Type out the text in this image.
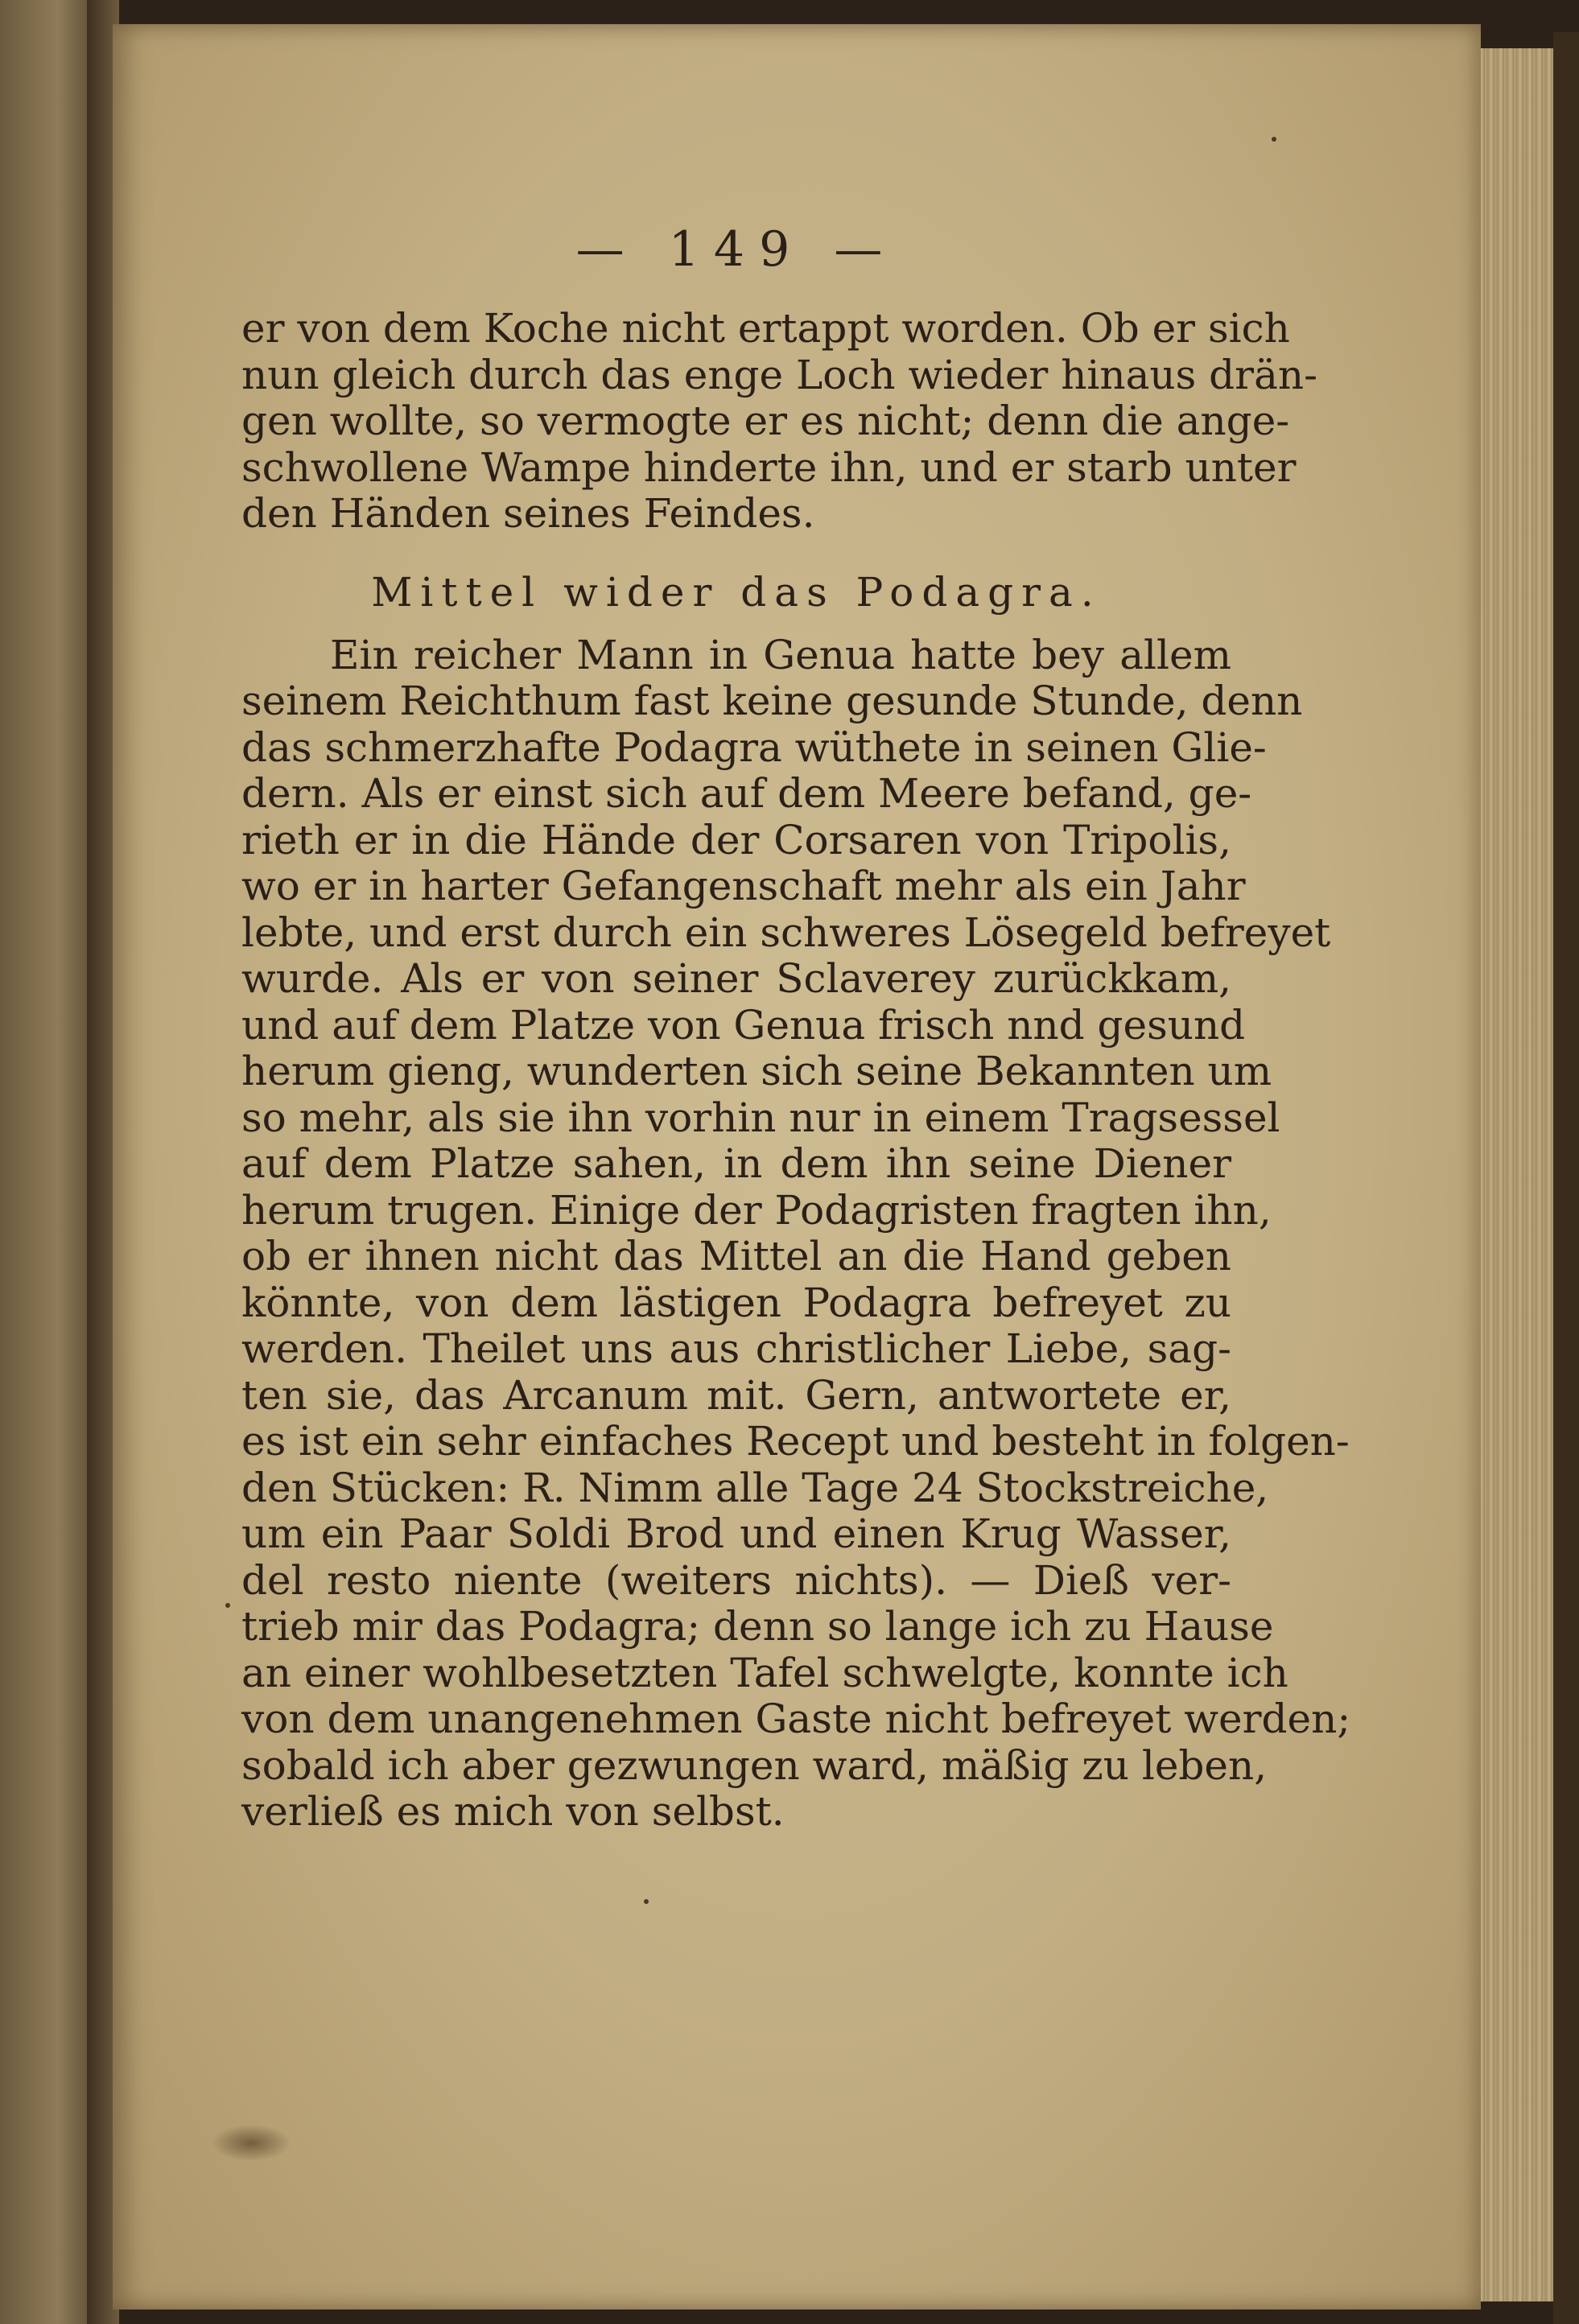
— 149 —
er von dem Koche nicht ertappt worden. Ob er sich
nun gleich durch das enge Loch wieder hinaus drän-
gen wollte, so vermogte er es nicht; denn die ange-
schwollene Wampe hinderte ihn, und er starb unter
den Händen seines Feindes.
Mittel wider das Podagra.
Ein reicher Mann in Genua hatte bey allem
seinem Reichthum fast keine gesunde Stunde, denn
das schmerzhafte Podagra wüthete in seinen Glie-
dern. Als er einst sich auf dem Meere befand, ge-
rieth er in die Hände der Corsaren von Tripolis,
wo er in harter Gefangenschaft mehr als ein Jahr
lebte, und erst durch ein schweres Lösegeld befreyet
wurde. Als er von seiner Sclaverey zurückkam,
und auf dem Platze von Genua frisch nnd gesund
herum gieng, wunderten sich seine Bekannten um
so mehr, als sie ihn vorhin nur in einem Tragsessel
auf dem Platze sahen, in dem ihn seine Diener
herum trugen. Einige der Podagristen fragten ihn,
ob er ihnen nicht das Mittel an die Hand geben
könnte, von dem lästigen Podagra befreyet zu
werden. Theilet uns aus christlicher Liebe, sag-
ten sie, das Arcanum mit. Gern, antwortete er,
es ist ein sehr einfaches Recept und besteht in folgen-
den Stücken: R. Nimm alle Tage 24 Stockstreiche,
um ein Paar Soldi Brod und einen Krug Wasser,
del resto niente (weiters nichts). — Dieß ver-
trieb mir das Podagra; denn so lange ich zu Hause
an einer wohlbesetzten Tafel schwelgte, konnte ich
von dem unangenehmen Gaste nicht befreyet werden;
sobald ich aber gezwungen ward, mäßig zu leben,
verließ es mich von selbst.
